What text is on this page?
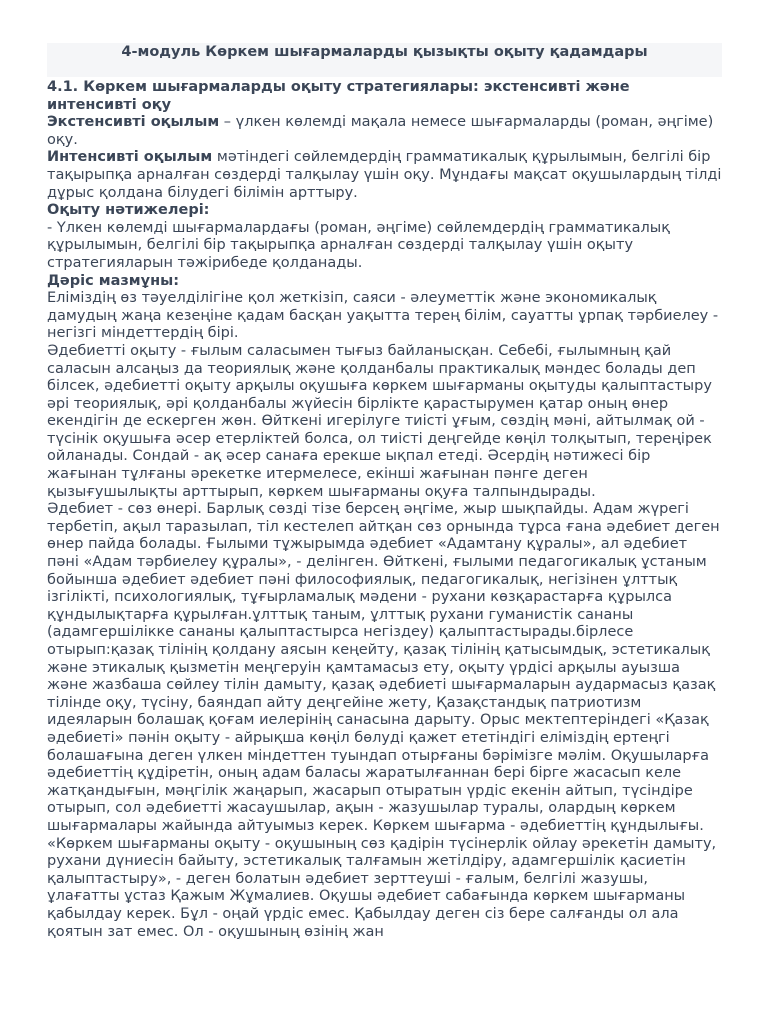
4-модуль Көркем шығармаларды қызықты оқыту қадамдары

4.1. Көркем шығармаларды оқыту стратегиялары: экстенсивті және интенсивті оқу

Экстенсивті оқылым – үлкен көлемді мақала немесе шығармаларды (роман, әңгіме) оқу.

Интенсивті оқылым мәтіндегі сөйлемдердің грамматикалық құрылымын, белгілі бір тақырыпқа арналған сөздерді талқылау үшін оқу. Мұндағы мақсат оқушылардың тілді дұрыс қолдана білудегі білімін арттыру.

Оқыту нәтижелері:

- Үлкен көлемді шығармалардағы (роман, әңгіме) сөйлемдердің грамматикалық құрылымын, белгілі бір тақырыпқа арналған сөздерді талқылау үшін оқыту стратегияларын тәжірибеде қолданады.

Дәріс мазмұны:

Еліміздің өз тәуелділігіне қол жеткізіп, саяси - әлеуметтік және экономикалық дамудың жаңа кезеңіне қадам басқан уақытта терең білім, сауатты ұрпақ тәрбиелеу - негізгі міндеттердің бірі.

Әдебиетті оқыту - ғылым саласымен тығыз байланысқан. Себебі, ғылымның қай саласын алсаңыз да теориялық және қолданбалы практикалық мәндес болады деп білсек, әдебиетті оқыту арқылы оқушыға көркем шығарманы оқытуды қалыптастыру әрі теориялық, әрі қолданбалы жүйесін бірлікте қарастырумен қатар оның өнер екендігін де ескерген жөн. Өйткені игерілуге тиісті ұғым, сөздің мәні, айтылмақ ой - түсінік оқушыға әсер етерліктей болса, ол тиісті деңгейде көңіл толқытып, тереңірек ойланады. Сондай - ақ әсер санаға ерекше ықпал етеді. Әсердің нәтижесі бір жағынан тұлғаны әрекетке итермелесе, екінші жағынан пәнге деген қызығушылықты арттырып, көркем шығарманы оқуға талпындырады.

Әдебиет - сөз өнері. Барлық сөзді тізе берсең әңгіме, жыр шықпайды. Адам жүрегі тербетіп, ақыл таразылап, тіл кестелеп айтқан сөз орнында тұрса ғана әдебиет деген өнер пайда болады. Ғылыми тұжырымда әдебиет «Адамтану құралы», ал әдебиет пәні «Адам тәрбиелеу құралы», - делінген. Өйткені, ғылыми педагогикалық ұстаным бойынша әдебиет әдебиет пәні философиялық, педагогикалық, негізінен ұлттық ізгілікті, психологиялық, тұғырламалық мәдени - рухани көзқарастарға құрылса құндылықтарға құрылған.ұлттық таным, ұлттық рухани гуманистік сананы (адамгершілікке сананы қалыптастырса негіздеу) қалыптастырады.бірлесе отырып:қазақ тілінің қолдану аясын кеңейту, қазақ тілінің қатысымдық, эстетикалық және этикалық қызметін меңгеруін қамтамасыз ету, оқыту үрдісі арқылы ауызша және жазбаша сөйлеу тілін дамыту, қазақ әдебиеті шығармаларын аудармасыз қазақ тілінде оқу, түсіну, баяндап айту деңгейіне жету, Қазақстандық патриотизм идеяларын болашақ қоғам иелерінің санасына дарыту. Орыс мектептеріндегі «Қазақ әдебиеті» пәнін оқыту - айрықша көңіл бөлуді қажет ететіндігі еліміздің ертеңгі болашағына деген үлкен міндеттен туындап отырғаны бәрімізге мәлім. Оқушыларға әдебиеттің құдіретін, оның адам баласы жаратылғаннан бері бірге жасасып келе жатқандығын, мәңгілік жаңарып, жасарып отыратын үрдіс екенін айтып, түсіндіре отырып, сол әдебиетті жасаушылар, ақын - жазушылар туралы, олардың көркем шығармалары жайында айтуымыз керек. Көркем шығарма - әдебиеттің құндылығы.

«Көркем шығарманы оқыту - оқушының сөз қадірін түсінерлік ойлау әрекетін дамыту, рухани дүниесін байыту, эстетикалық талғамын жетілдіру, адамгершілік қасиетін қалыптастыру», - деген болатын әдебиет зерттеуші - ғалым, белгілі жазушы, ұлағатты ұстаз Қажым Жұмалиев. Оқушы әдебиет сабағында көркем шығарманы қабылдау керек. Бұл - оңай үрдіс емес. Қабылдау деген сіз бере салғанды ол ала қоятын зат емес. Ол - оқушының өзінің жан
